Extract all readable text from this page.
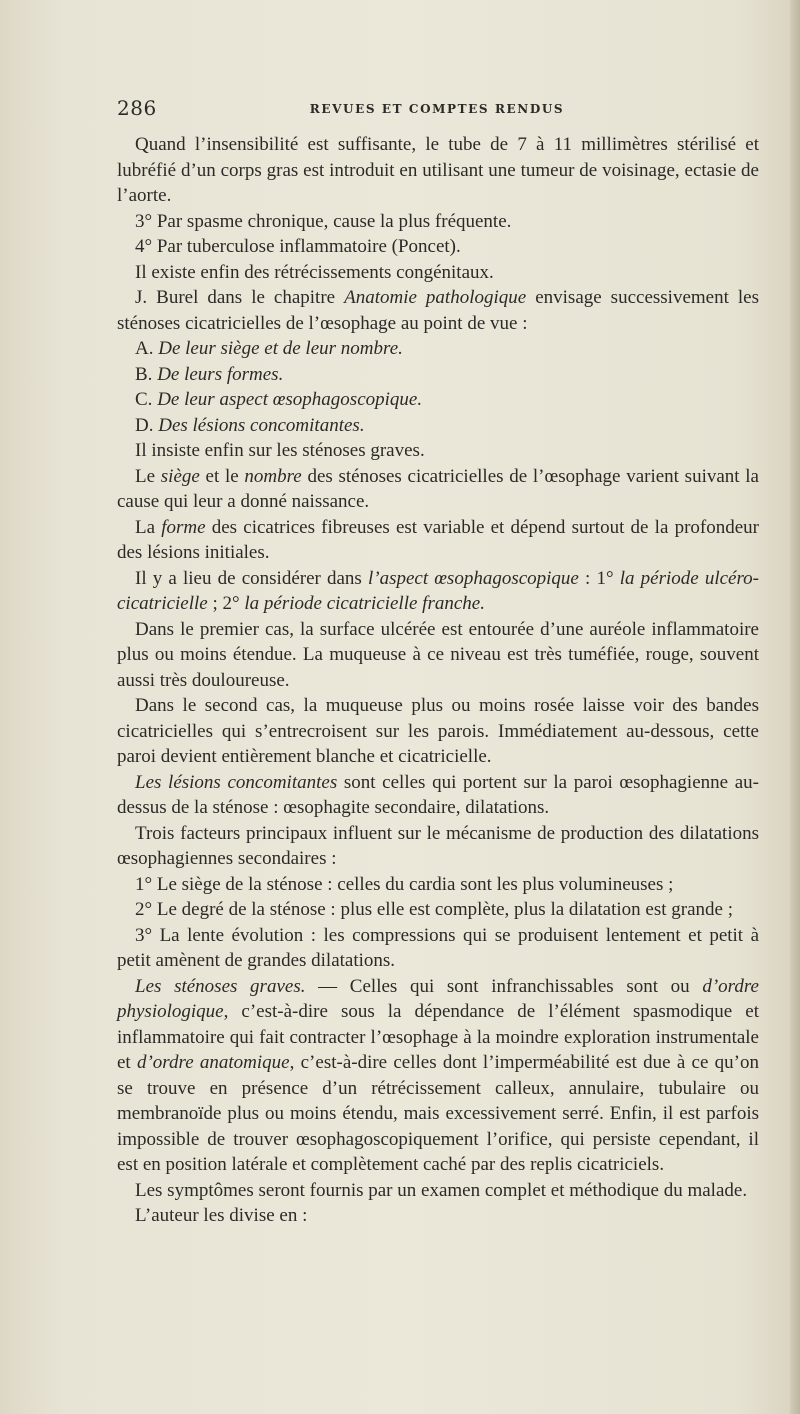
286	REVUES ET COMPTES RENDUS

Quand l’insensibilité est suffisante, le tube de 7 à 11 millimètres stérilisé et lubréfié d’un corps gras est introduit en utilisant une tumeur de voisinage, ectasie de l’aorte.

3° Par spasme chronique, cause la plus fréquente.

4° Par tuberculose inflammatoire (Poncet).

Il existe enfin des rétrécissements congénitaux.

J. Burel dans le chapitre Anatomie pathologique envisage successivement les sténoses cicatricielles de l’œsophage au point de vue :

A. De leur siège et de leur nombre.

B. De leurs formes.

C. De leur aspect œsophagoscopique.

D. Des lésions concomitantes.

Il insiste enfin sur les sténoses graves.

Le siège et le nombre des sténoses cicatricielles de l’œsophage varient suivant la cause qui leur a donné naissance.

La forme des cicatrices fibreuses est variable et dépend surtout de la profondeur des lésions initiales.

Il y a lieu de considérer dans l’aspect œsophagoscopique : 1° la période ulcéro-cicatricielle ; 2° la période cicatricielle franche.

Dans le premier cas, la surface ulcérée est entourée d’une auréole inflammatoire plus ou moins étendue. La muqueuse à ce niveau est très tuméfiée, rouge, souvent aussi très douloureuse.

Dans le second cas, la muqueuse plus ou moins rosée laisse voir des bandes cicatricielles qui s’entrecroisent sur les parois. Immédiatement au-dessous, cette paroi devient entièrement blanche et cicatricielle.

Les lésions concomitantes sont celles qui portent sur la paroi œsophagienne au-dessus de la sténose : œsophagite secondaire, dilatations.

Trois facteurs principaux influent sur le mécanisme de production des dilatations œsophagiennes secondaires :

1° Le siège de la sténose : celles du cardia sont les plus volumineuses ;

2° Le degré de la sténose : plus elle est complète, plus la dilatation est grande ;

3° La lente évolution : les compressions qui se produisent lentement et petit à petit amènent de grandes dilatations.

Les sténoses graves. — Celles qui sont infranchissables sont ou d’ordre physiologique, c’est-à-dire sous la dépendance de l’élément spasmodique et inflammatoire qui fait contracter l’œsophage à la moindre exploration instrumentale et d’ordre anatomique, c’est-à-dire celles dont l’imperméabilité est due à ce qu’on se trouve en présence d’un rétrécissement calleux, annulaire, tubulaire ou membranoïde plus ou moins étendu, mais excessivement serré. Enfin, il est parfois impossible de trouver œsophagoscopiquement l’orifice, qui persiste cependant, il est en position latérale et complètement caché par des replis cicatriciels.

Les symptômes seront fournis par un examen complet et méthodique du malade.

L’auteur les divise en :
